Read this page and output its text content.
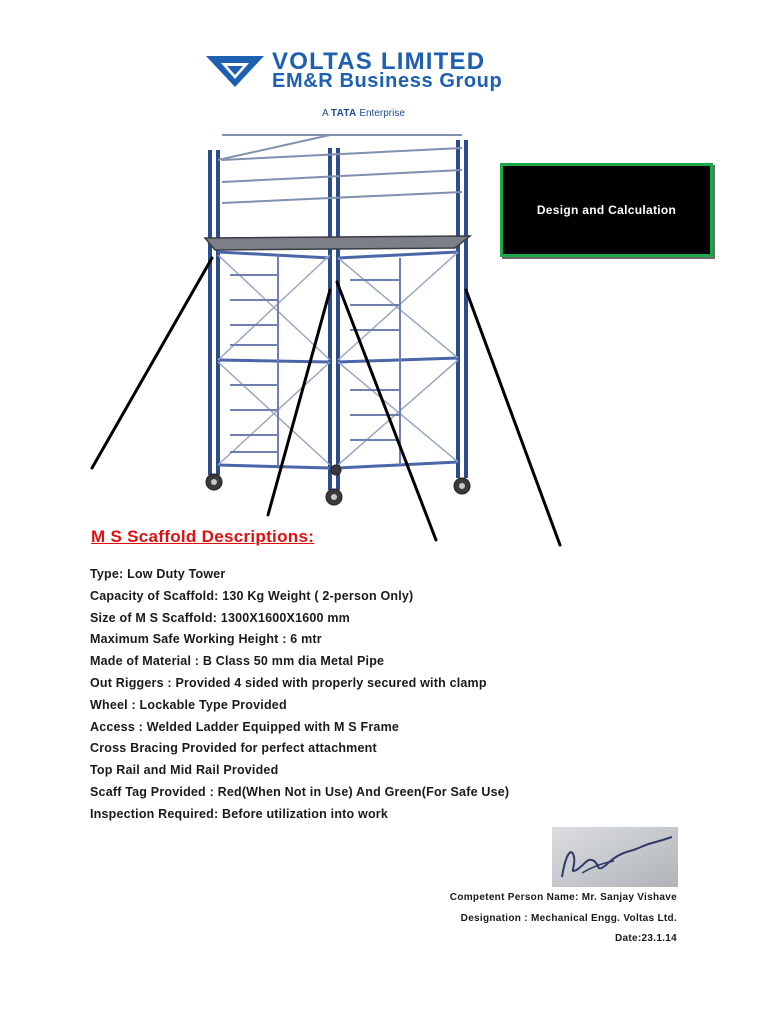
VOLTAS LIMITED
EM&R Business Group
A TATA Enterprise
Design and Calculation
M S Scaffold Descriptions:
Type: Low Duty Tower
Capacity of Scaffold: 130 Kg Weight ( 2-person Only)
Size of M S Scaffold: 1300X1600X1600 mm
Maximum Safe Working Height : 6 mtr
Made of Material : B Class 50 mm dia Metal Pipe
Out Riggers : Provided 4 sided with properly secured with clamp
Wheel : Lockable Type Provided
Access : Welded Ladder Equipped with M S Frame
Cross Bracing Provided for perfect attachment
Top Rail and Mid Rail Provided
Scaff Tag Provided : Red(When Not in Use) And Green(For Safe Use)
Inspection Required: Before utilization into work
Competent Person Name: Mr. Sanjay Vishave
Designation : Mechanical Engg. Voltas Ltd.
Date:23.1.14
